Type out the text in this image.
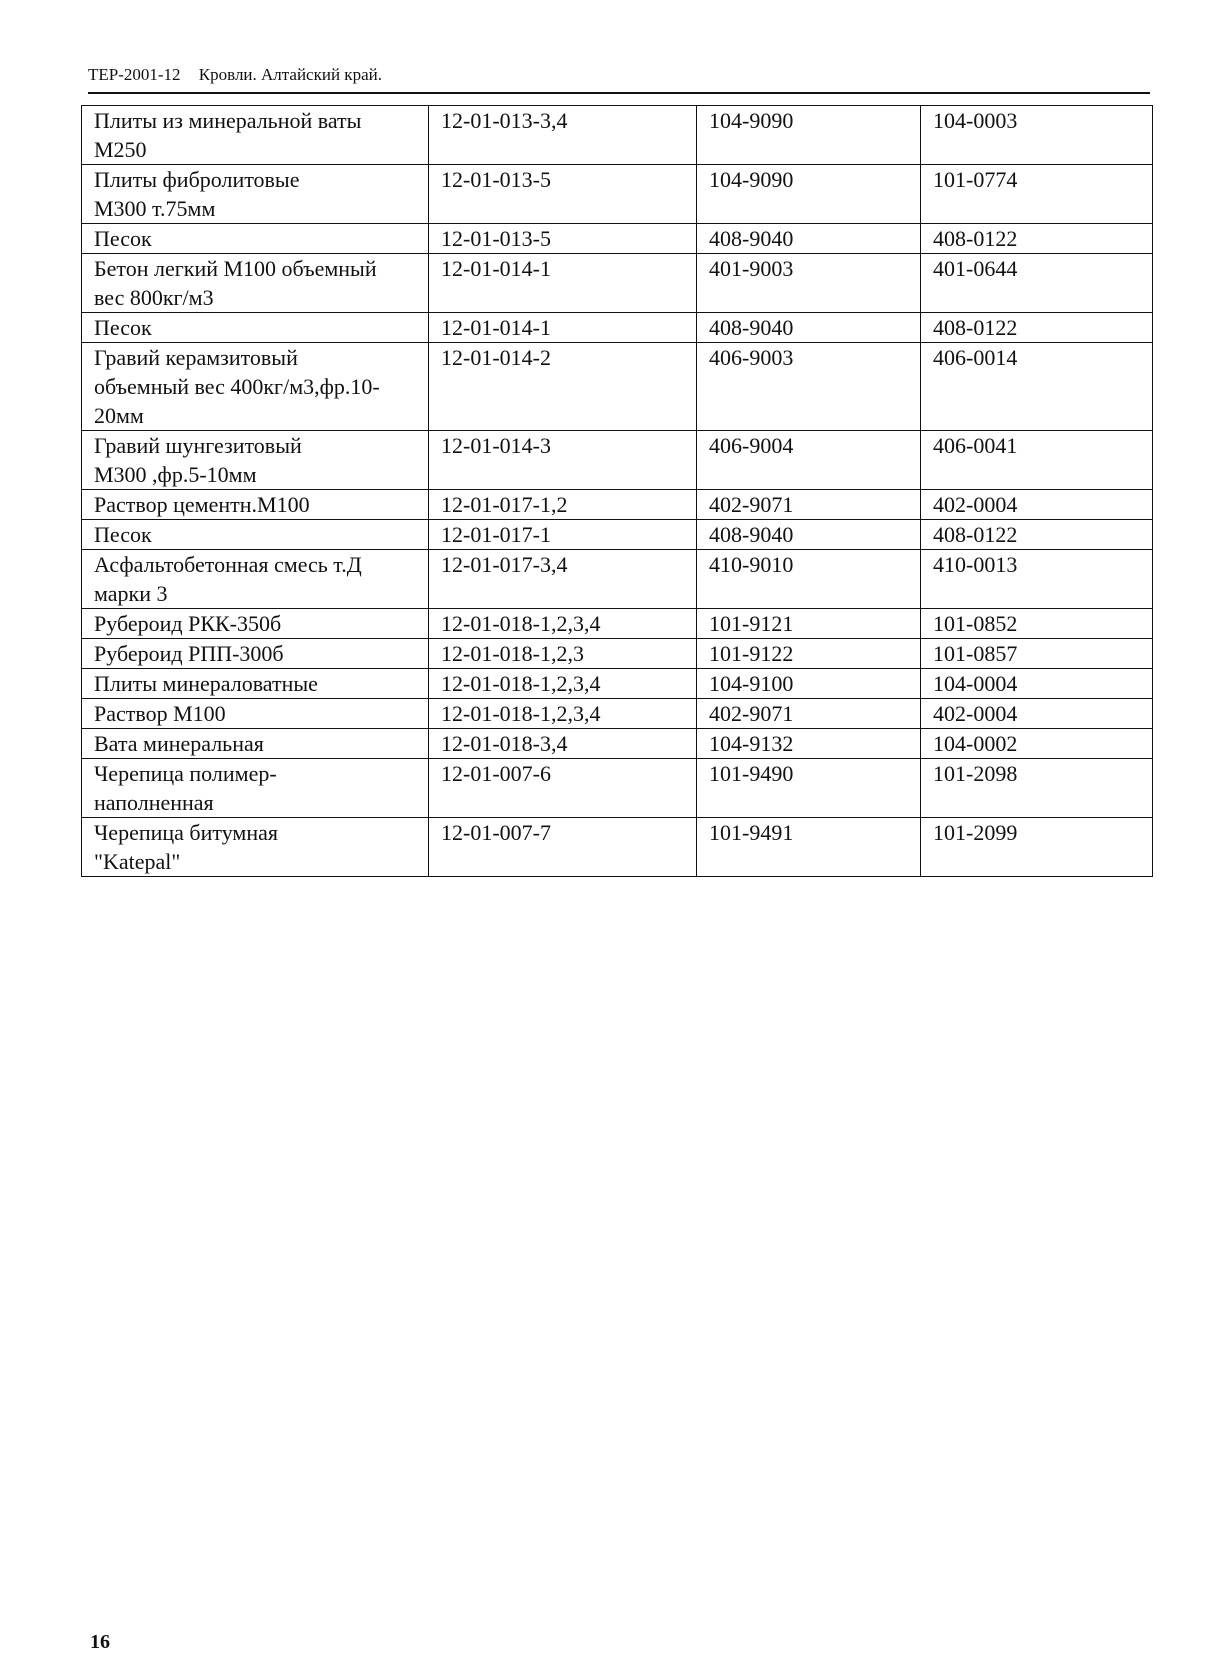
ТЕР-2001-12 Кровли. Алтайский край.
Плиты из минеральной ваты
М250	12-01-013-3,4	104-9090	104-0003
Плиты фибролитовые
М300 т.75мм	12-01-013-5	104-9090	101-0774
Песок	12-01-013-5	408-9040	408-0122
Бетон легкий М100 объемный
вес 800кг/м3	12-01-014-1	401-9003	401-0644
Песок	12-01-014-1	408-9040	408-0122
Гравий керамзитовый
объемный вес 400кг/м3,фр.10-
20мм	12-01-014-2	406-9003	406-0014
Гравий шунгезитовый
М300 ,фр.5-10мм	12-01-014-3	406-9004	406-0041
Раствор цементн.М100	12-01-017-1,2	402-9071	402-0004
Песок	12-01-017-1	408-9040	408-0122
Асфальтобетонная смесь т.Д
марки 3	12-01-017-3,4	410-9010	410-0013
Рубероид РКК-350б	12-01-018-1,2,3,4	101-9121	101-0852
Рубероид РПП-300б	12-01-018-1,2,3	101-9122	101-0857
Плиты минераловатные	12-01-018-1,2,3,4	104-9100	104-0004
Раствор М100	12-01-018-1,2,3,4	402-9071	402-0004
Вата минеральная	12-01-018-3,4	104-9132	104-0002
Черепица полимер-
наполненная	12-01-007-6	101-9490	101-2098
Черепица битумная
"Katepal"	12-01-007-7	101-9491	101-2099
16
